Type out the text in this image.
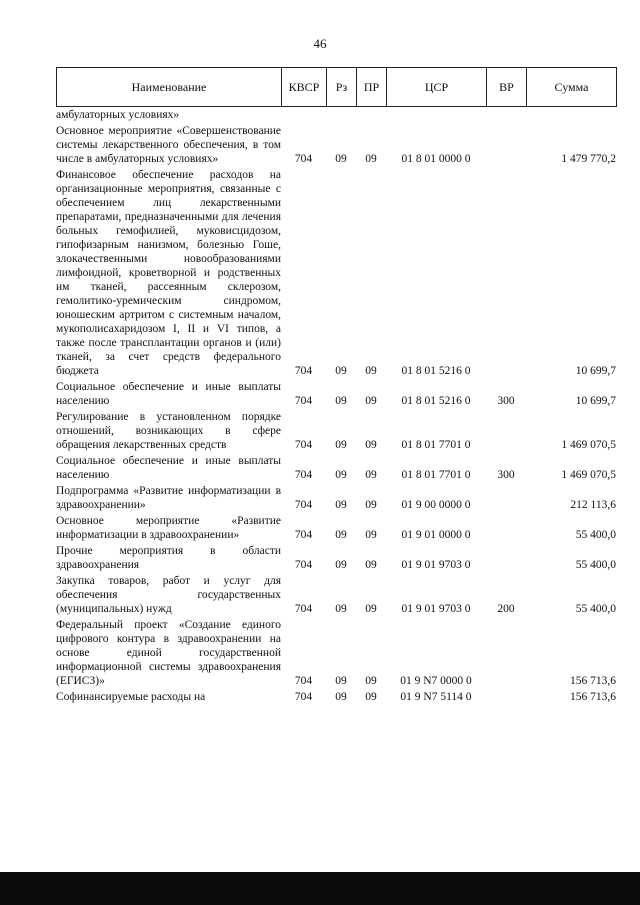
46
Наименование	КВСР	Рз	ПР	ЦСР	ВР	Сумма
амбулаторных условиях»						

Основное мероприятие «Совершенствование системы лекарственного обеспечения, в том числе в амбулаторных условиях»	704	09	09	01 8 01 0000 0		1 479 770,2

Финансовое обеспечение расходов на организационные мероприятия, связанные с обеспечением лиц лекарственными препаратами, предназначенными для лечения больных гемофилией, муковисцидозом, гипофизарным нанизмом, болезнью Гоше, злокачественными новообразованиями лимфоидной, кроветворной и родственных им тканей, рассеянным склерозом, гемолитико-уремическим синдромом, юношеским артритом с системным началом, мукополисахаридозом I, II и VI типов, а также после трансплантации органов и (или) тканей, за счет средств федерального бюджета	704	09	09	01 8 01 5216 0		10 699,7

Социальное обеспечение и иные выплаты населению	704	09	09	01 8 01 5216 0	300	10 699,7

Регулирование в установленном порядке отношений, возникающих в сфере обращения лекарственных средств	704	09	09	01 8 01 7701 0		1 469 070,5

Социальное обеспечение и иные выплаты населению	704	09	09	01 8 01 7701 0	300	1 469 070,5

Подпрограмма «Развитие информатизации в здравоохранении»	704	09	09	01 9 00 0000 0		212 113,6

Основное мероприятие «Развитие информатизации в здравоохранении»	704	09	09	01 9 01 0000 0		55 400,0

Прочие мероприятия в области здравоохранения	704	09	09	01 9 01 9703 0		55 400,0

Закупка товаров, работ и услуг для обеспечения государственных (муниципальных) нужд	704	09	09	01 9 01 9703 0	200	55 400,0

Федеральный проект «Создание единого цифрового контура в здравоохранении на основе единой государственной информационной системы здравоохранения (ЕГИСЗ)»	704	09	09	01 9 N7 0000 0		156 713,6

Софинансируемые расходы на	704	09	09	01 9 N7 5114 0		156 713,6
